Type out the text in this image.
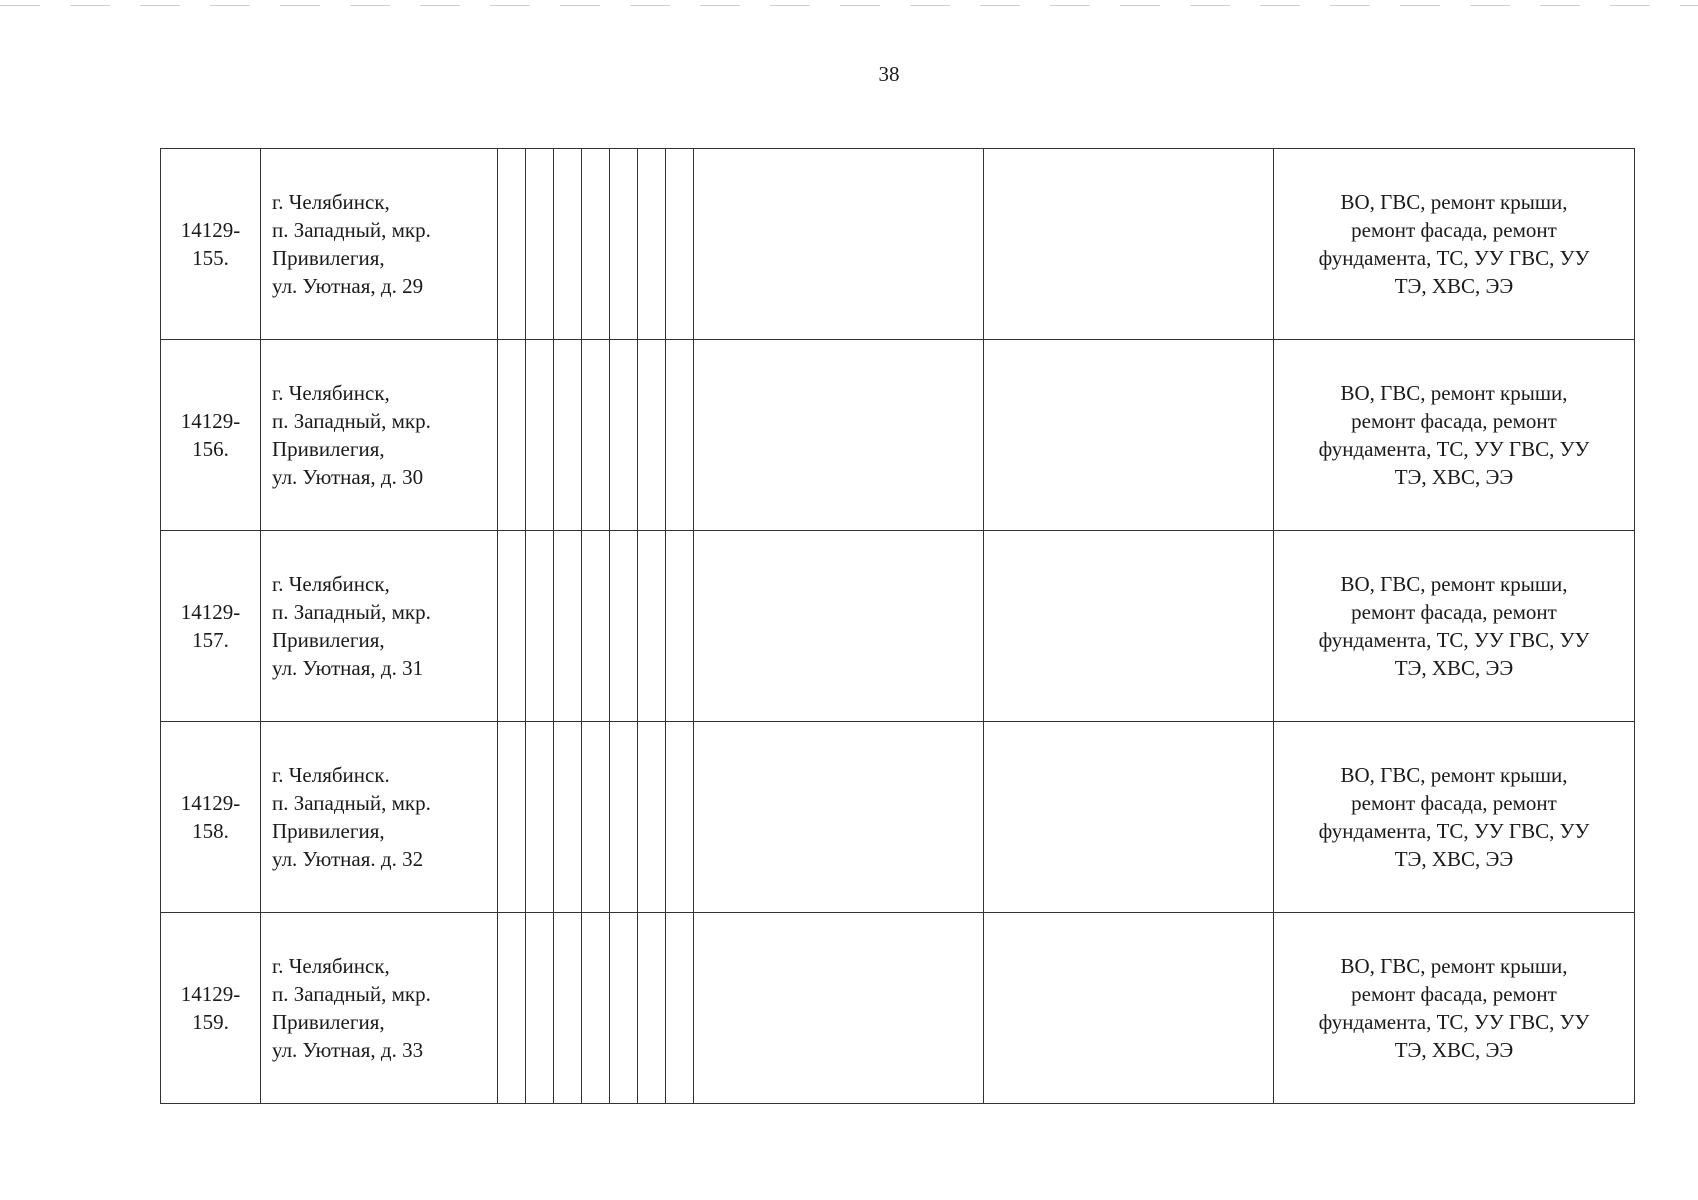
38
14129-
155.	г. Челябинск,
п. Западный, мкр.
Привилегия,
ул. Уютная, д. 29										ВО, ГВС, ремонт крыши,
ремонт фасада, ремонт
фундамента, ТС, УУ ГВС, УУ
ТЭ, ХВС, ЭЭ

14129-
156.	г. Челябинск,
п. Западный, мкр.
Привилегия,
ул. Уютная, д. 30										ВО, ГВС, ремонт крыши,
ремонт фасада, ремонт
фундамента, ТС, УУ ГВС, УУ
ТЭ, ХВС, ЭЭ

14129-
157.	г. Челябинск,
п. Западный, мкр.
Привилегия,
ул. Уютная, д. 31										ВО, ГВС, ремонт крыши,
ремонт фасада, ремонт
фундамента, ТС, УУ ГВС, УУ
ТЭ, ХВС, ЭЭ

14129-
158.	г. Челябинск.
п. Западный, мкр.
Привилегия,
ул. Уютная. д. 32										ВО, ГВС, ремонт крыши,
ремонт фасада, ремонт
фундамента, ТС, УУ ГВС, УУ
ТЭ, ХВС, ЭЭ

14129-
159.	г. Челябинск,
п. Западный, мкр.
Привилегия,
ул. Уютная, д. 33										ВО, ГВС, ремонт крыши,
ремонт фасада, ремонт
фундамента, ТС, УУ ГВС, УУ
ТЭ, ХВС, ЭЭ
